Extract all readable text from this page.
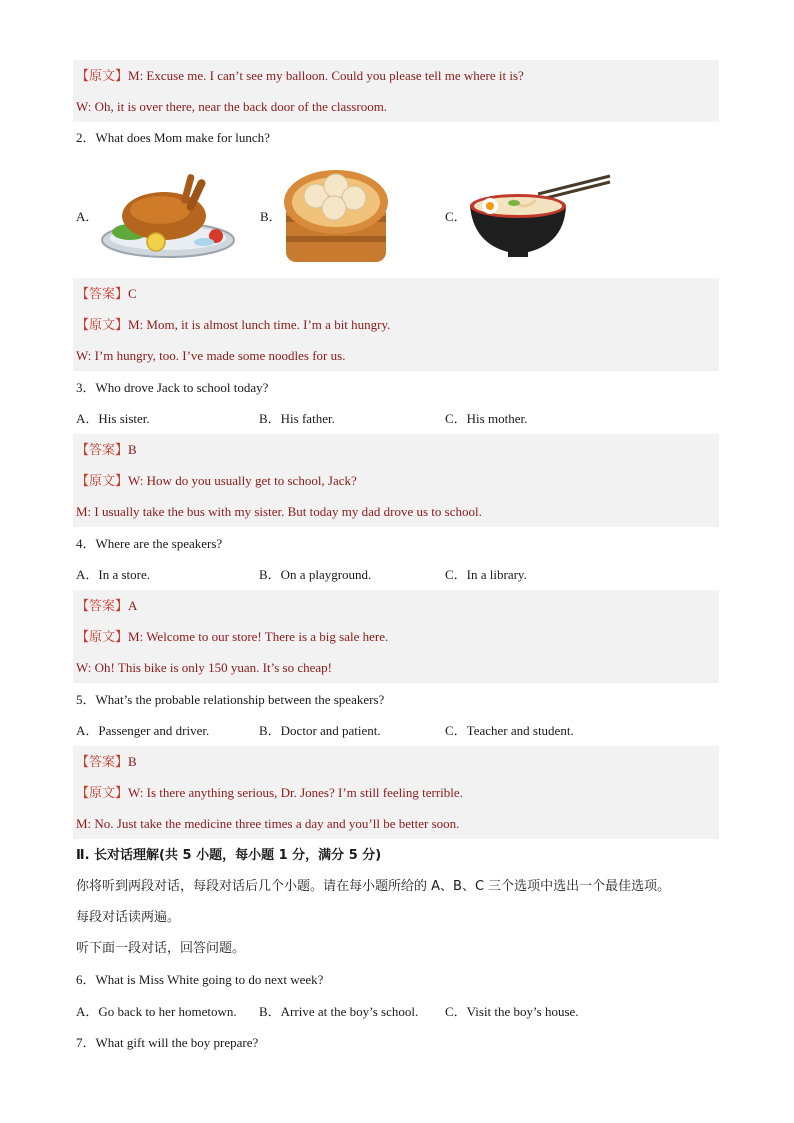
【原文】M: Excuse me. I can’t see my balloon. Could you please tell me where it is?
W: Oh, it is over there, near the back door of the classroom.
2．What does Mom make for lunch?
A．	B．	C．
【答案】C
【原文】M: Mom, it is almost lunch time. I’m a bit hungry.
W: I’m hungry, too. I’ve made some noodles for us.
3．Who drove Jack to school today?
A．His sister.	B．His father.	C．His mother.
【答案】B
【原文】W: How do you usually get to school, Jack?
M: I usually take the bus with my sister. But today my dad drove us to school.
4．Where are the speakers?
A．In a store.	B．On a playground.	C．In a library.
【答案】A
【原文】M: Welcome to our store! There is a big sale here.
W: Oh! This bike is only 150 yuan. It’s so cheap!
5．What’s the probable relationship between the speakers?
A．Passenger and driver.	B．Doctor and patient.	C．Teacher and student.
【答案】B
【原文】W: Is there anything serious, Dr. Jones? I’m still feeling terrible.
M: No. Just take the medicine three times a day and you’ll be better soon.
Ⅱ. 长对话理解(共 5 小题，每小题 1 分，满分 5 分)
你将听到两段对话，每段对话后几个小题。请在每小题所给的 A、B、C 三个选项中选出一个最佳选项。
每段对话读两遍。
听下面一段对话，回答问题。
6．What is Miss White going to do next week?
A．Go back to her hometown. B．Arrive at the boy’s school. C．Visit the boy’s house.
7．What gift will the boy prepare?
